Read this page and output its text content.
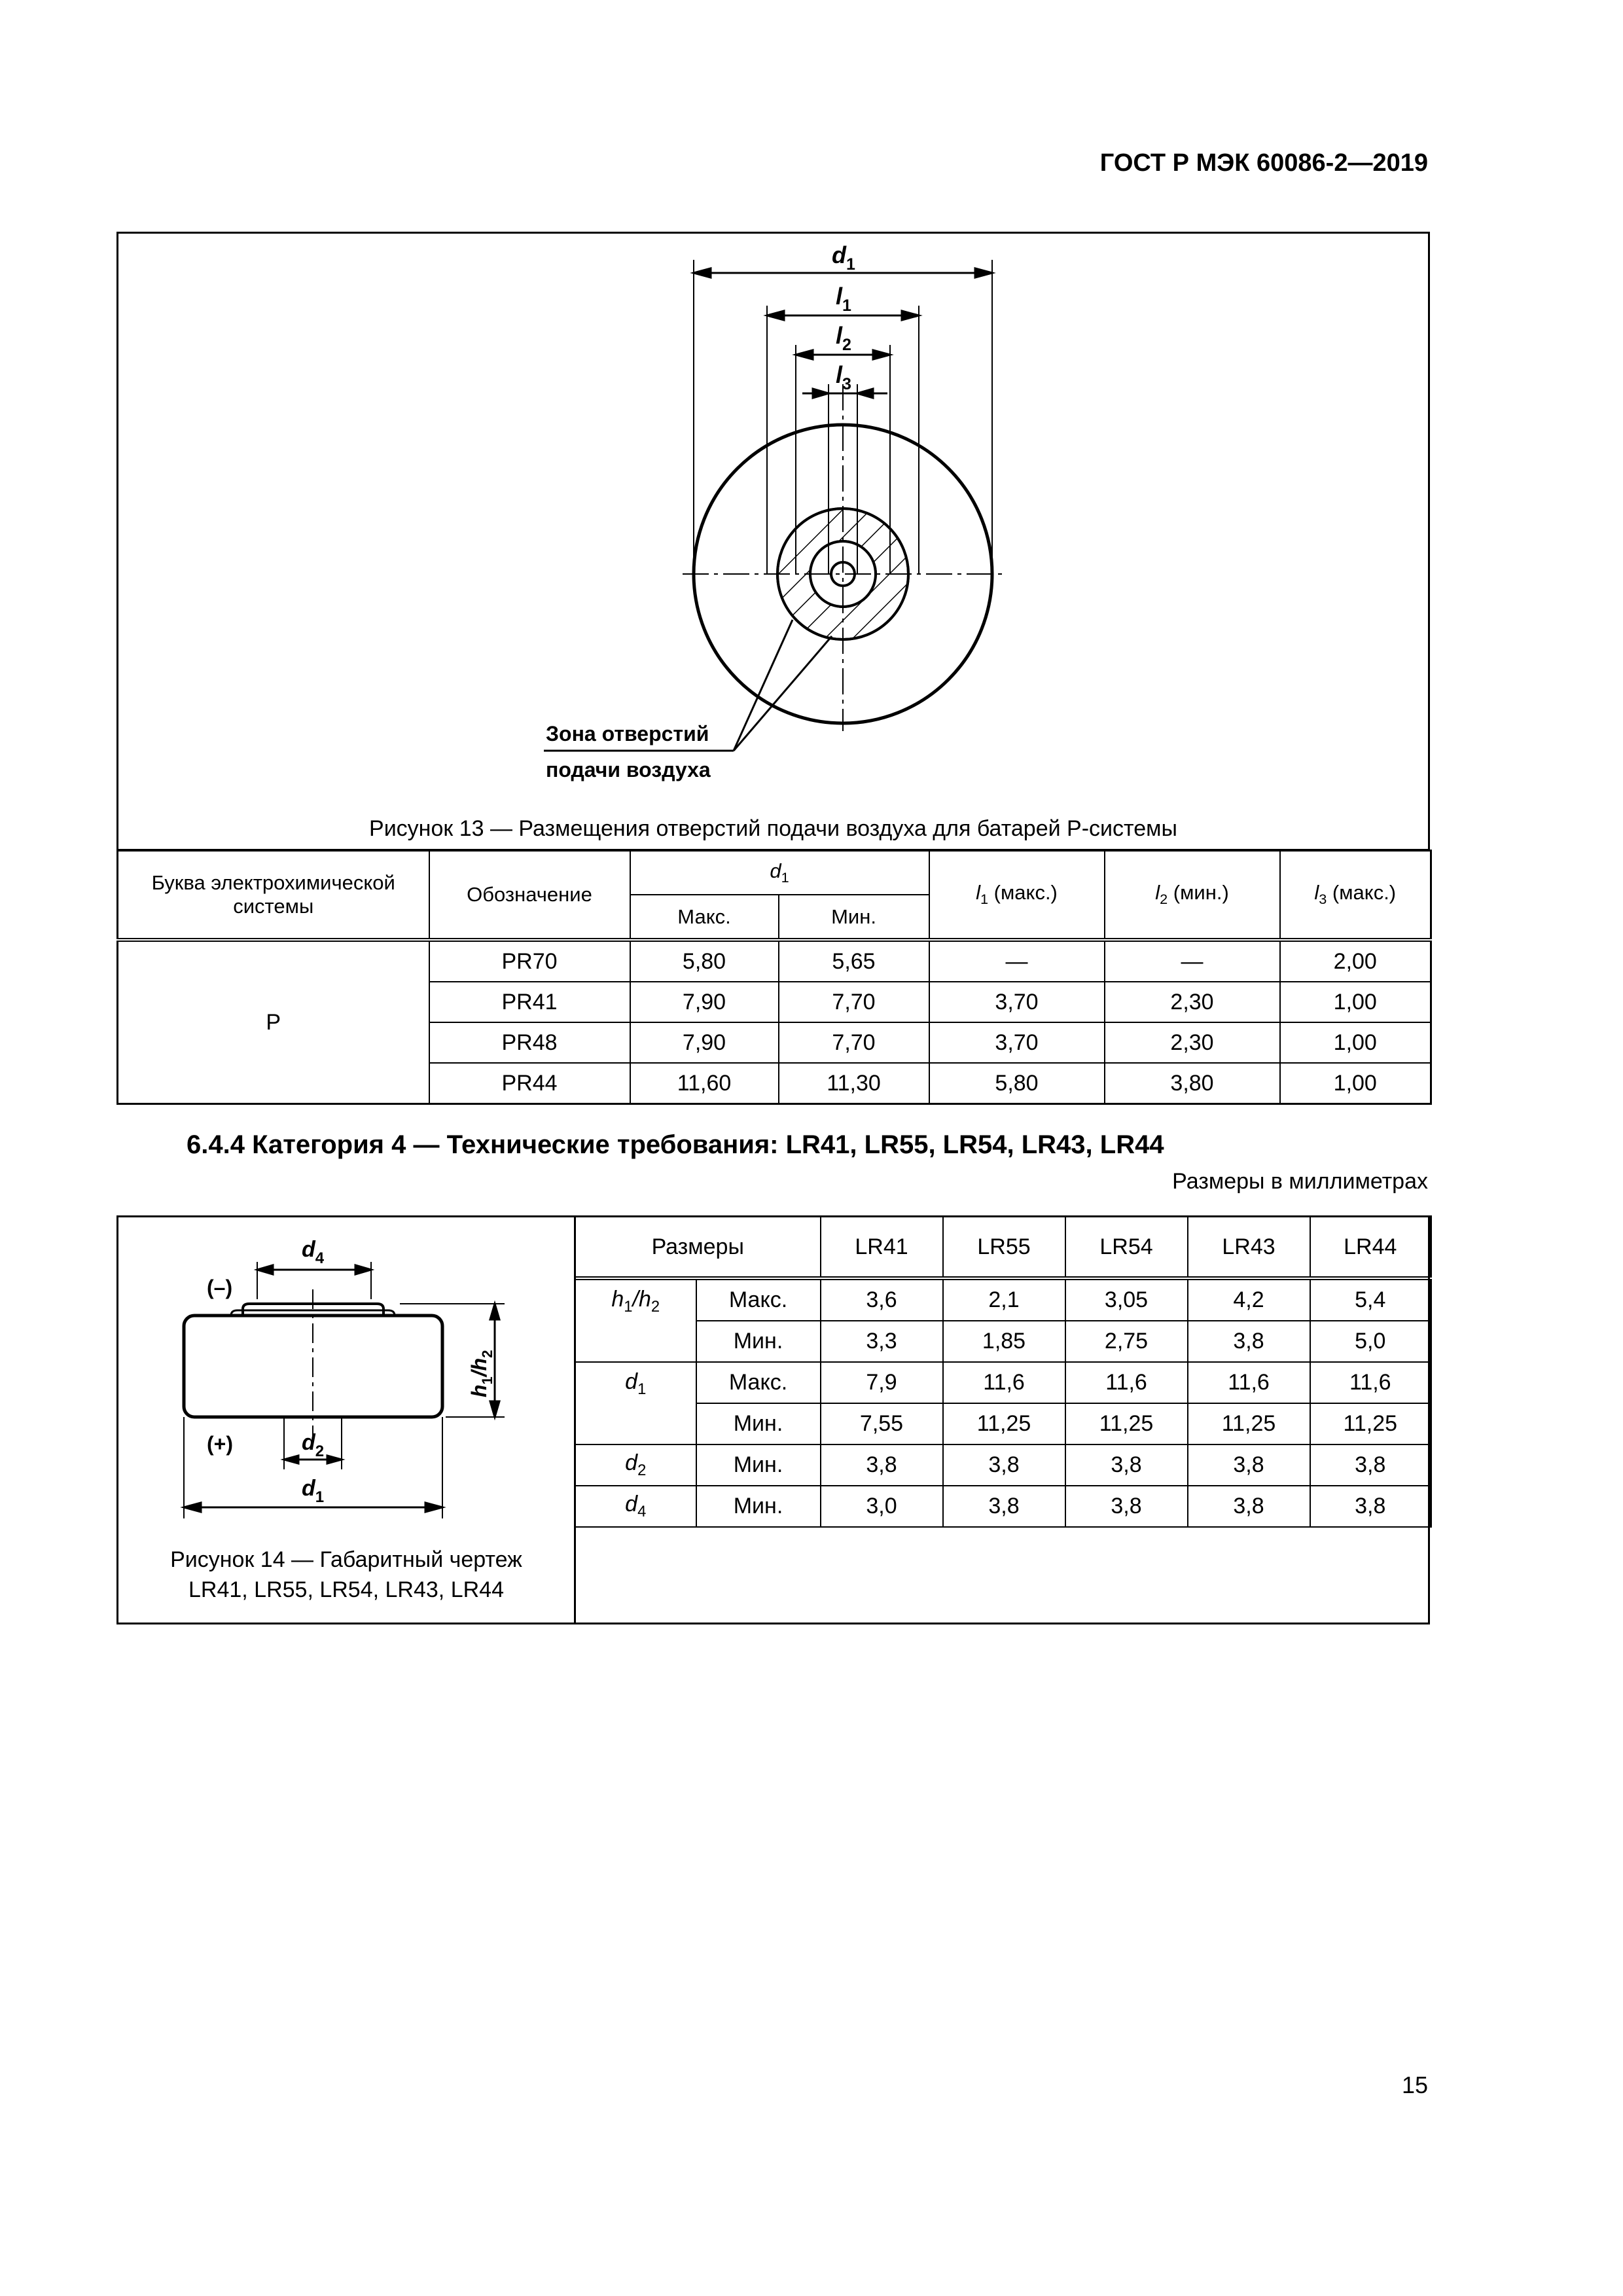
ГОСТ Р МЭК 60086-2—2019
$d_1$
$l_1$
$l_2$
$l_3$
Зона отверстий
подачи воздуха
Рисунок 13 — Размещения отверстий подачи воздуха для батарей Р-системы
Буква электрохимической системы	Обозначение	$d_1$		$l_1$ (макс.)	$l_2$ (мин.)	$l_3$ (макс.)
		Макс.	Мин.			
P	PR70	5,80	5,65	—	—	2,00
	PR41	7,90	7,70	3,70	2,30	1,00
	PR48	7,90	7,70	3,70	2,30	1,00
	PR44	11,60	11,30	5,80	3,80	1,00
6.4.4 Категория 4 — Технические требования: LR41, LR55, LR54, LR43, LR44
Размеры в миллиметрах
$d_4$
(–)
$h_1/h_2$
$d_2$
(+)
$d_1$
Рисунок 14 — Габаритный чертеж
LR41, LR55, LR54, LR43, LR44
Размеры		LR41	LR55	LR54	LR43	LR44
$h_1/h_2$	Макс.	3,6	2,1	3,05	4,2	5,4
	Мин.	3,3	1,85	2,75	3,8	5,0
$d_1$	Макс.	7,9	11,6	11,6	11,6	11,6
	Мин.	7,55	11,25	11,25	11,25	11,25
$d_2$	Мин.	3,8	3,8	3,8	3,8	3,8
$d_4$	Мин.	3,0	3,8	3,8	3,8	3,8
15
